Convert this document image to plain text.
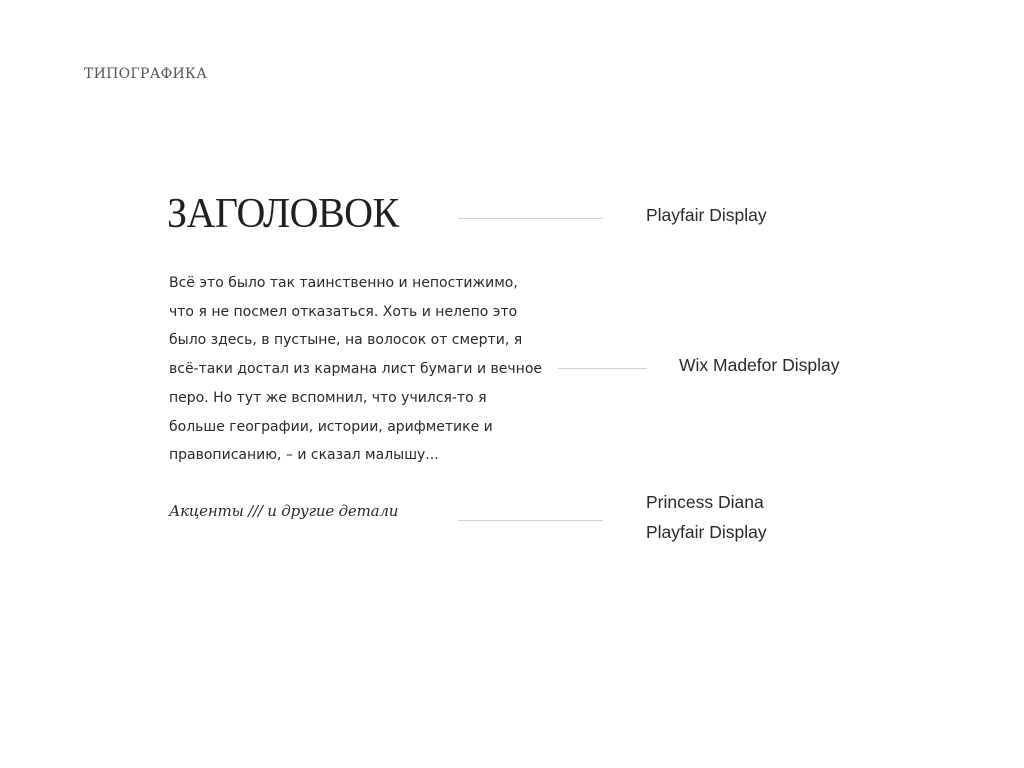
ТИПОГРАФИКА
ЗАГОЛОВОК	Playfair Display

Всё это было так таинственно и непостижимо,
что я не посмел отказаться. Хоть и нелепо это
было здесь, в пустыне, на волосок от смерти, я
всё-таки достал из кармана лист бумаги и вечное
перо. Но тут же вспомнил, что учился-то я
больше географии, истории, арифметике и
правописанию, – и сказал малышу...

Wix Madefor Display
Акценты /// и другие детали	Princess Diana
Playfair Display
